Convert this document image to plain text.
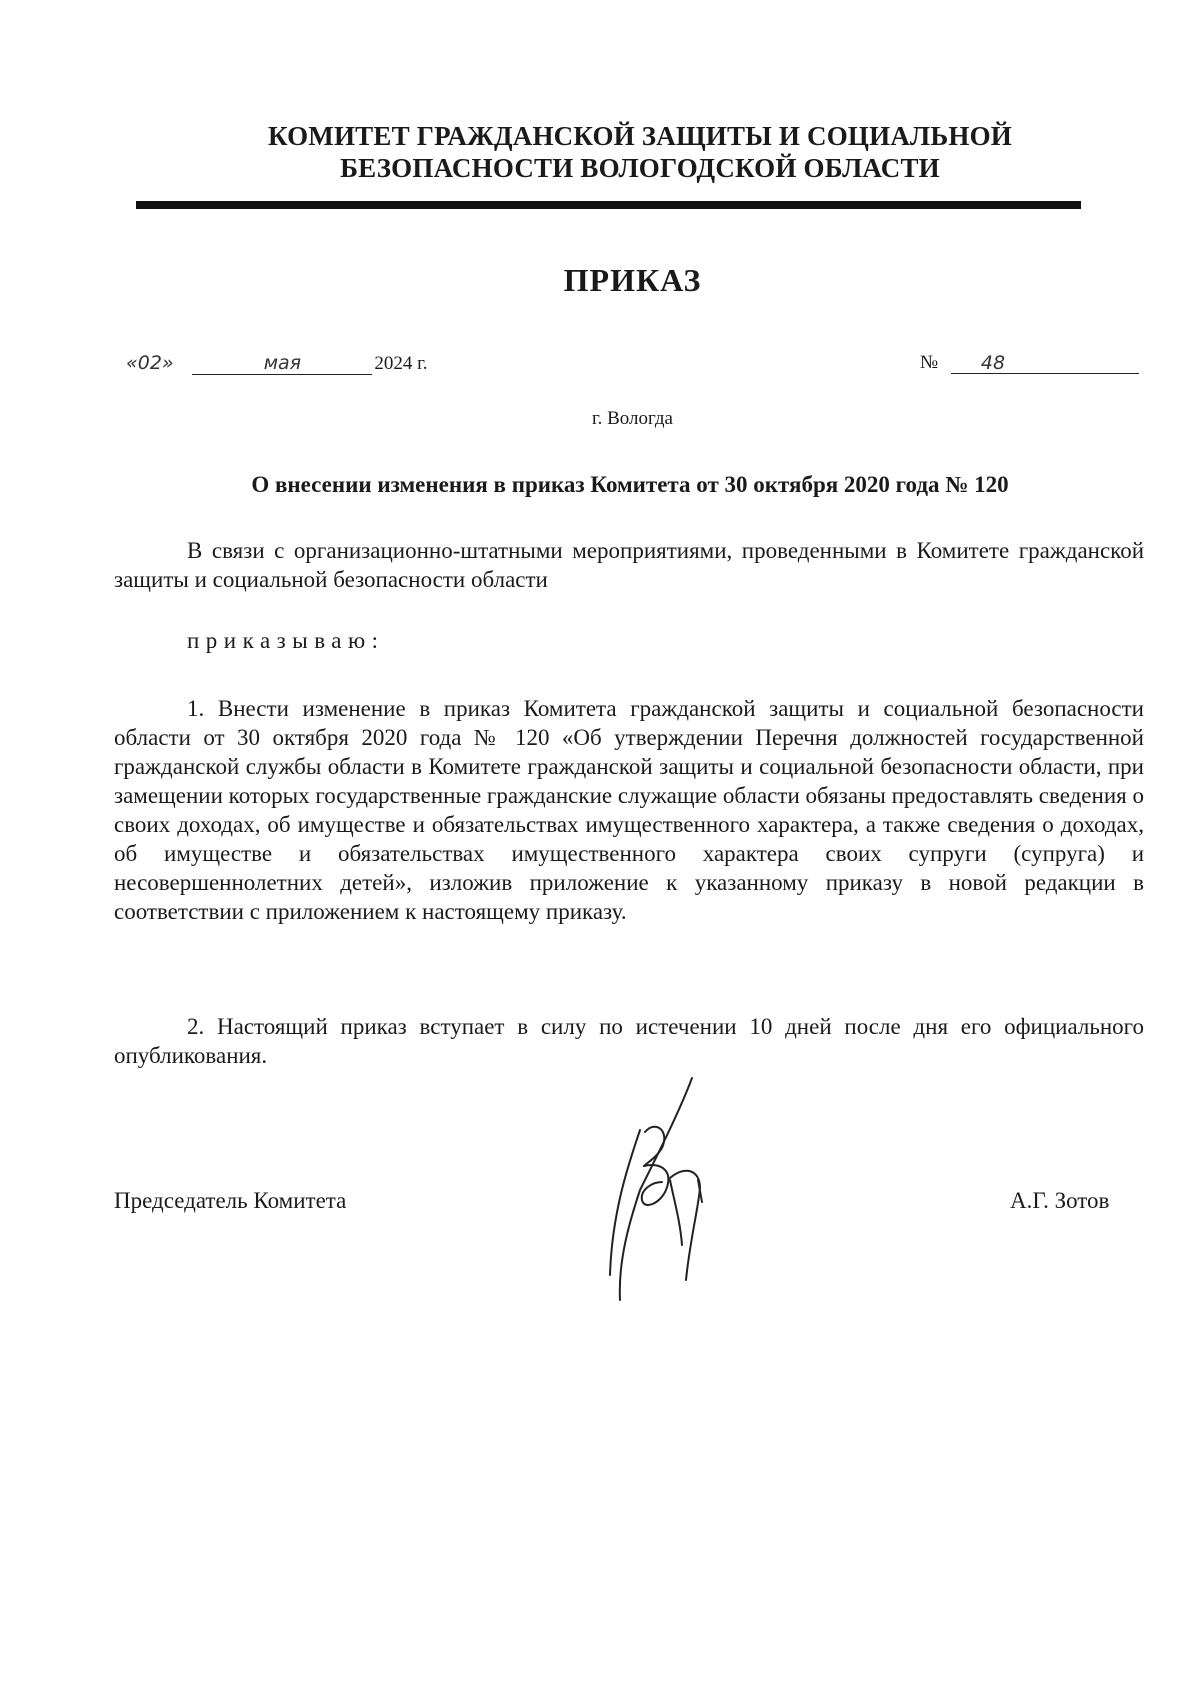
КОМИТЕТ ГРАЖДАНСКОЙ ЗАЩИТЫ И СОЦИАЛЬНОЙ
БЕЗОПАСНОСТИ ВОЛОГОДСКОЙ ОБЛАСТИ
ПРИКАЗ
«02»	мая	2024 г.	№ 48
г. Вологда
О внесении изменения в приказ Комитета от 30 октября 2020 года № 120
В связи с организационно-штатными мероприятиями, проведенными в Комитете гражданской защиты и социальной безопасности области
приказываю:
1. Внести изменение в приказ Комитета гражданской защиты и социальной безопасности области от 30 октября 2020 года № 120 «Об утверждении Перечня должностей государственной гражданской службы области в Комитете гражданской защиты и социальной безопасности области, при замещении которых государственные гражданские служащие области обязаны предоставлять сведения о своих доходах, об имуществе и обязательствах имущественного характера, а также сведения о доходах, об имуществе и обязательствах имущественного характера своих супруги (супруга) и несовершеннолетних детей», изложив приложение к указанному приказу в новой редакции в соответствии с приложением к настоящему приказу.
2. Настоящий приказ вступает в силу по истечении 10 дней после дня его официального опубликования.
Председатель Комитета	А.Г. Зотов
